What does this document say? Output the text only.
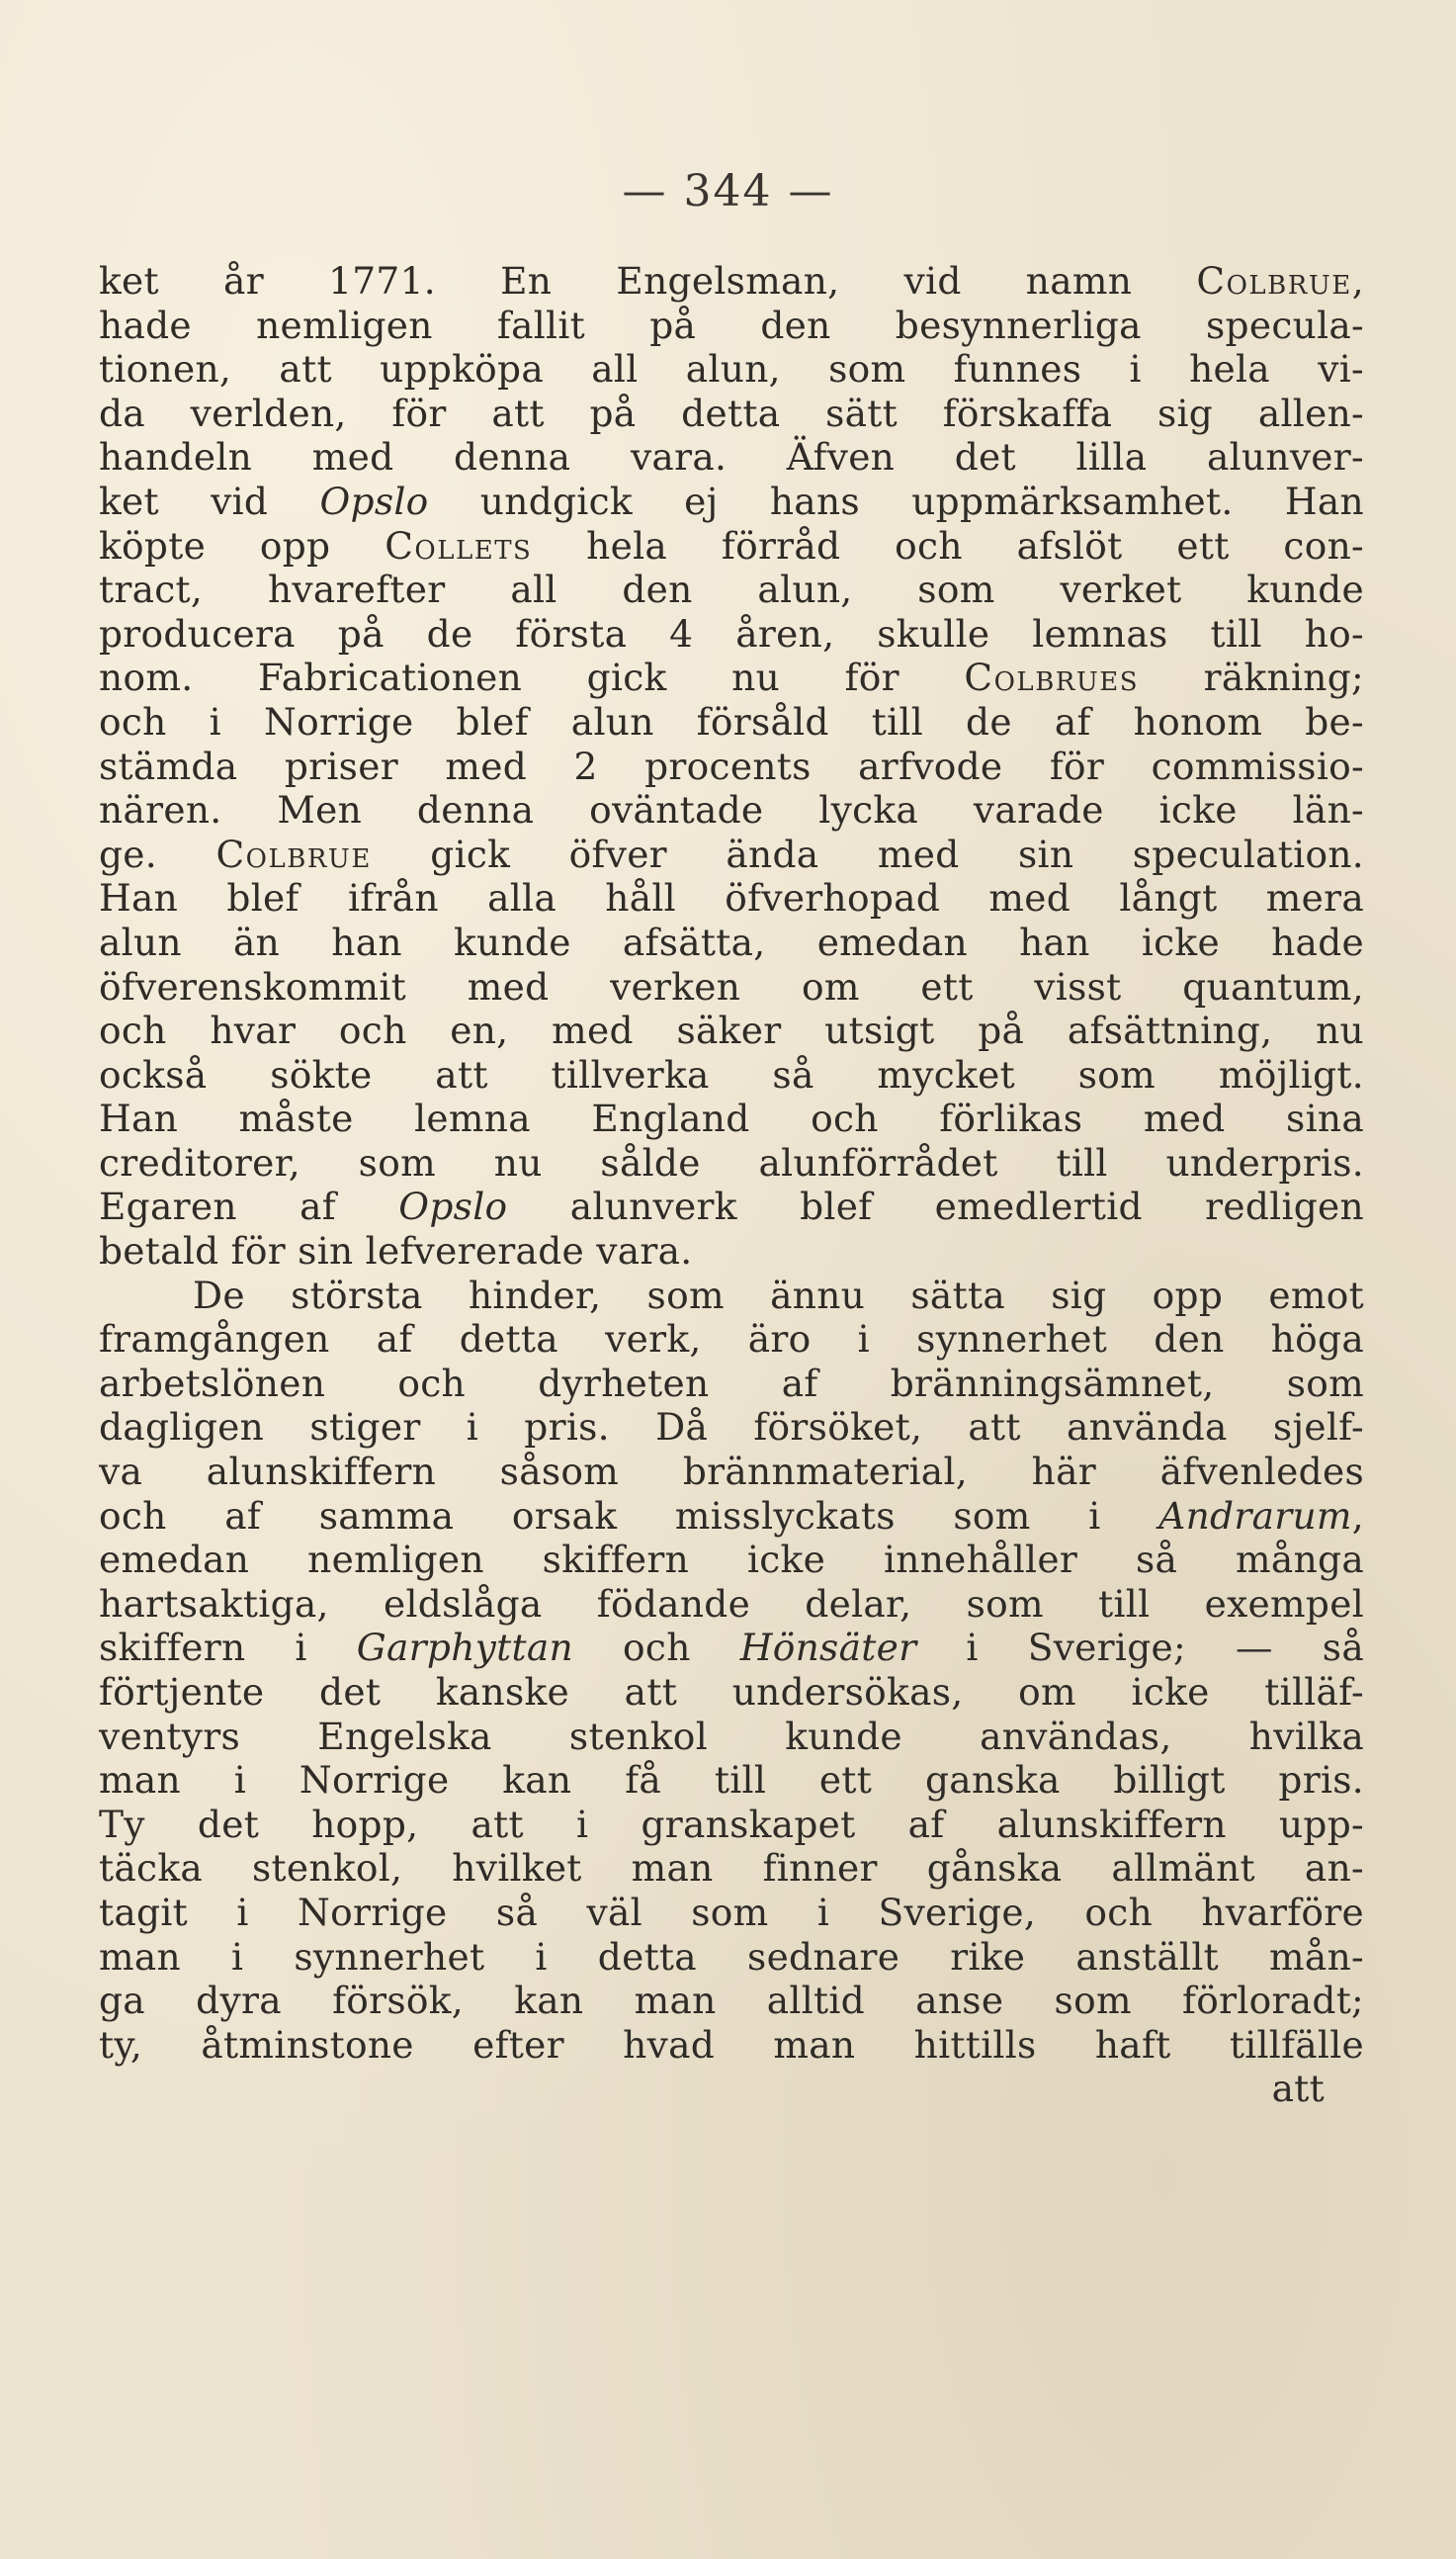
— 344 —
ket år 1771. En Engelsman, vid namn Colbrue,
hade nemligen fallit på den besynnerliga specula-
tionen, att uppköpa all alun, som funnes i hela vi-
da verlden, för att på detta sätt förskaffa sig allen-
handeln med denna vara. Äfven det lilla alunver-
ket vid Opslo undgick ej hans uppmärksamhet. Han
köpte opp Collets hela förråd och afslöt ett con-
tract, hvarefter all den alun, som verket kunde
producera på de första 4 åren, skulle lemnas till ho-
nom. Fabricationen gick nu för Colbrues räkning;
och i Norrige blef alun försåld till de af honom be-
stämda priser med 2 procents arfvode för commissio-
nären. Men denna oväntade lycka varade icke län-
ge. Colbrue gick öfver ända med sin speculation.
Han blef ifrån alla håll öfverhopad med långt mera
alun än han kunde afsätta, emedan han icke hade
öfverenskommit med verken om ett visst quantum,
och hvar och en, med säker utsigt på afsättning, nu
också sökte att tillverka så mycket som möjligt.
Han måste lemna England och förlikas med sina
creditorer, som nu sålde alunförrådet till underpris.
Egaren af Opslo alunverk blef emedlertid redligen
betald för sin lefvererade vara.
De största hinder, som ännu sätta sig opp emot
framgången af detta verk, äro i synnerhet den höga
arbetslönen och dyrheten af bränningsämnet, som
dagligen stiger i pris. Då försöket, att använda sjelf-
va alunskiffern såsom brännmaterial, här äfvenledes
och af samma orsak misslyckats som i Andrarum,
emedan nemligen skiffern icke innehåller så många
hartsaktiga, eldslåga födande delar, som till exempel
skiffern i Garphyttan och Hönsäter i Sverige; — så
förtjente det kanske att undersökas, om icke tilläf-
ventyrs Engelska stenkol kunde användas, hvilka
man i Norrige kan få till ett ganska billigt pris.
Ty det hopp, att i granskapet af alunskiffern upp-
täcka stenkol, hvilket man finner gånska allmänt an-
tagit i Norrige så väl som i Sverige, och hvarföre
man i synnerhet i detta sednare rike anställt mån-
ga dyra försök, kan man alltid anse som förloradt;
ty, åtminstone efter hvad man hittills haft tillfälle
att
